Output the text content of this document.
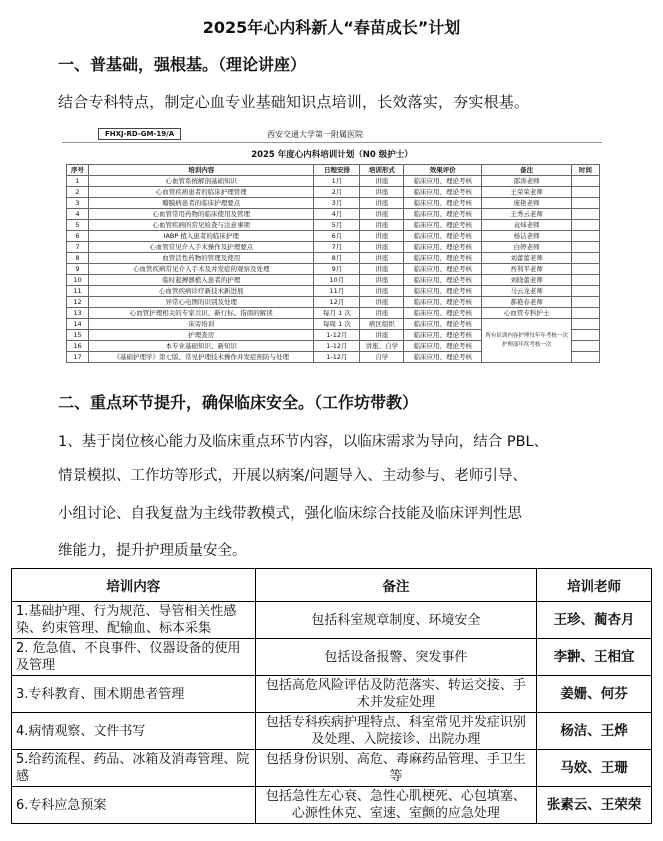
2025年心内科新人“春苗成长”计划
一、普基础，强根基。（理论讲座）
结合专科特点，制定心血专业基础知识点培训，长效落实，夯实根基。
FHXJ-RD-GM-19/A	西安交通大学第一附属医院
2025 年度心内科培训计划（N0 级护士）
序号	培训内容	日程安排	培训形式	效果评价	备注	时间
1	心血管系统解剖基础知识	1月	讲座	临床应用、理论考核	邵涛老师	
2	心血管疾病患者的临床护理管理	2月	讲座	临床应用、理论考核	王荣荣老师	
3	瓣膜病患者的临床护理要点	3月	讲座	临床应用、理论考核	庞艳老师	
4	心血管常用药物的临床使用及管理	4月	讲座	临床应用、理论考核	王秀云老师	
5	心血管疾病的常见检查与注意事项	5月	讲座	临床应用、理论考核	袁炜老师	
6	IABP 植入患者的临床护理	6月	讲座	临床应用、理论考核	杨洁老师	
7	心血管常见介入手术操作及护理要点	7月	讲座	临床应用、理论考核	白婷老师	
8	血管活性药物的管理及使用	8月	讲座	临床应用、理论考核	刘蕾蕾老师	
9	心血管疾病常见介入手术及并发症的观察及处理	9月	讲座	临床应用、理论考核	吾利平老师	
10	临时起搏器植入患者的护理	10月	讲座	临床应用、理论考核	刘晓蕾老师	
11	心血管疾病诊疗新技术新进展	11月	讲座	临床应用、理论考核	马云龙老师	
12	异常心电图的识别及处理	12月	讲座	临床应用、理论考核	郝艳春老师	
13	心血管护理相关的专家共识、新行标、指南的解读	每月 1 次	讲座	临床应用、理论考核	心血管专科护士	
14	床旁培训	每周 1 次	病区组织	临床应用、理论考核	所有培训内容护理每年年考核一次护理部年终考核一次	
15	护理查房	1-12月	讲座	临床应用、理论考核		
16	本专业基础知识、新知识	1-12月	讲座、自学	临床应用、理论考核		
17	《基础护理学》第七版、常见护理技术操作并发症预防与处理	1-12月	自学	临床应用、理论考核		
二、重点环节提升，确保临床安全。（工作坊带教）
1、基于岗位核心能力及临床重点环节内容，以临床需求为导向，结合 PBL、
情景模拟、工作坊等形式，开展以病案/问题导入、主动参与、老师引导、
小组讨论、自我复盘为主线带教模式，强化临床综合技能及临床评判性思
维能力，提升护理质量安全。
培训内容	备注	培训老师
1.基础护理、行为规范、导管相关性感染、约束管理、配输血、标本采集	包括科室规章制度、环境安全	王珍、蔺杏月
2. 危急值、不良事件、仪器设备的使用及管理	包括设备报警、突发事件	李翀、王相宜
3.专科教育、围术期患者管理	包括高危风险评估及防范落实、转运交接、手术并发症处理	姜姗、何芬
4.病情观察、文件书写	包括专科疾病护理特点、科室常见并发症识别及处理、入院接诊、出院办理	杨洁、王烨
5.给药流程、药品、冰箱及消毒管理、院感	包括身份识别、高危、毒麻药品管理、手卫生等	马姣、王珊
6.专科应急预案	包括急性左心衰、急性心肌梗死、心包填塞、心源性休克、室速、室颤的应急处理	张素云、王荣荣
